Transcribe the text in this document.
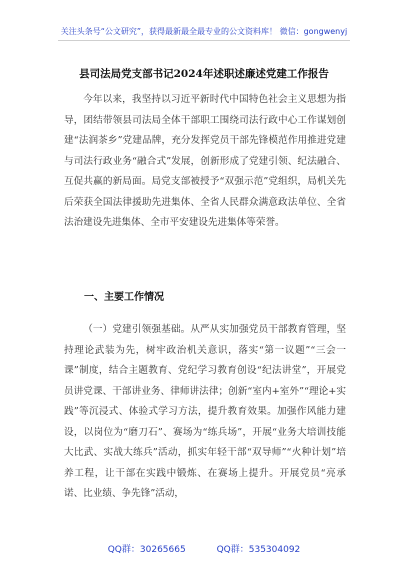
关注头条号“公文研究”，获得最新最全最专业的公文资料库！ 微信：gongwenyj
县司法局党支部书记2024年述职述廉述党建工作报告

今年以来，我坚持以习近平新时代中国特色社会主义思想为指导，团结带领县司法局全体干部职工围绕司法行政中心工作谋划创建“法润茶乡”党建品牌，充分发挥党员干部先锋模范作用推进党建与司法行政业务“融合式”发展，创新形成了党建引领、纪法融合、互促共赢的新局面。局党支部被授予“双强示范”党组织，局机关先后荣获全国法律援助先进集体、全省人民群众满意政法单位、全省法治建设先进集体、全市平安建设先进集体等荣誉。

一、主要工作情况

（一）党建引领强基础。从严从实加强党员干部教育管理，坚持理论武装为先，树牢政治机关意识，落实“第一议题”“三会一课”制度，结合主题教育、党纪学习教育创设“纪法讲堂”，开展党员讲党课、干部讲业务、律师讲法律；创新“室内+室外”“理论+实践”等沉浸式、体验式学习方法，提升教育效果。加强作风能力建设，以岗位为“磨刀石”、赛场为“练兵场”，开展“业务大培训技能大比武、实战大练兵”活动，抓实年轻干部“双导师”“火种计划”培养工程，让干部在实践中锻炼、在赛场上提升。开展党员“亮承诺、比业绩、争先锋”活动，

QQ群：30265665	QQ群：535304092
